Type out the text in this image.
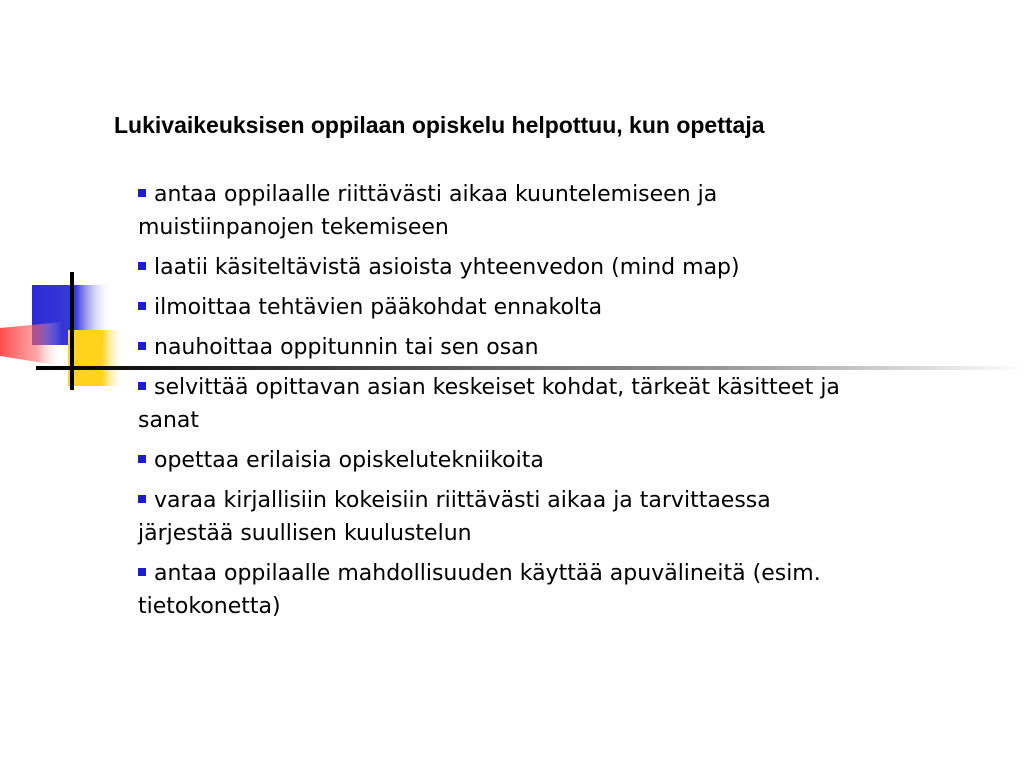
Lukivaikeuksisen oppilaan opiskelu helpottuu, kun opettaja
antaa oppilaalle riittävästi aikaa kuuntelemiseen ja muistiinpanojen tekemiseen
laatii käsiteltävistä asioista yhteenvedon (mind map)
ilmoittaa tehtävien pääkohdat ennakolta
nauhoittaa oppitunnin tai sen osan
selvittää opittavan asian keskeiset kohdat, tärkeät käsitteet ja sanat
opettaa erilaisia opiskelutekniikoita
varaa kirjallisiin kokeisiin riittävästi aikaa ja tarvittaessa järjestää suullisen kuulustelun
antaa oppilaalle mahdollisuuden käyttää apuvälineitä (esim. tietokonetta)
